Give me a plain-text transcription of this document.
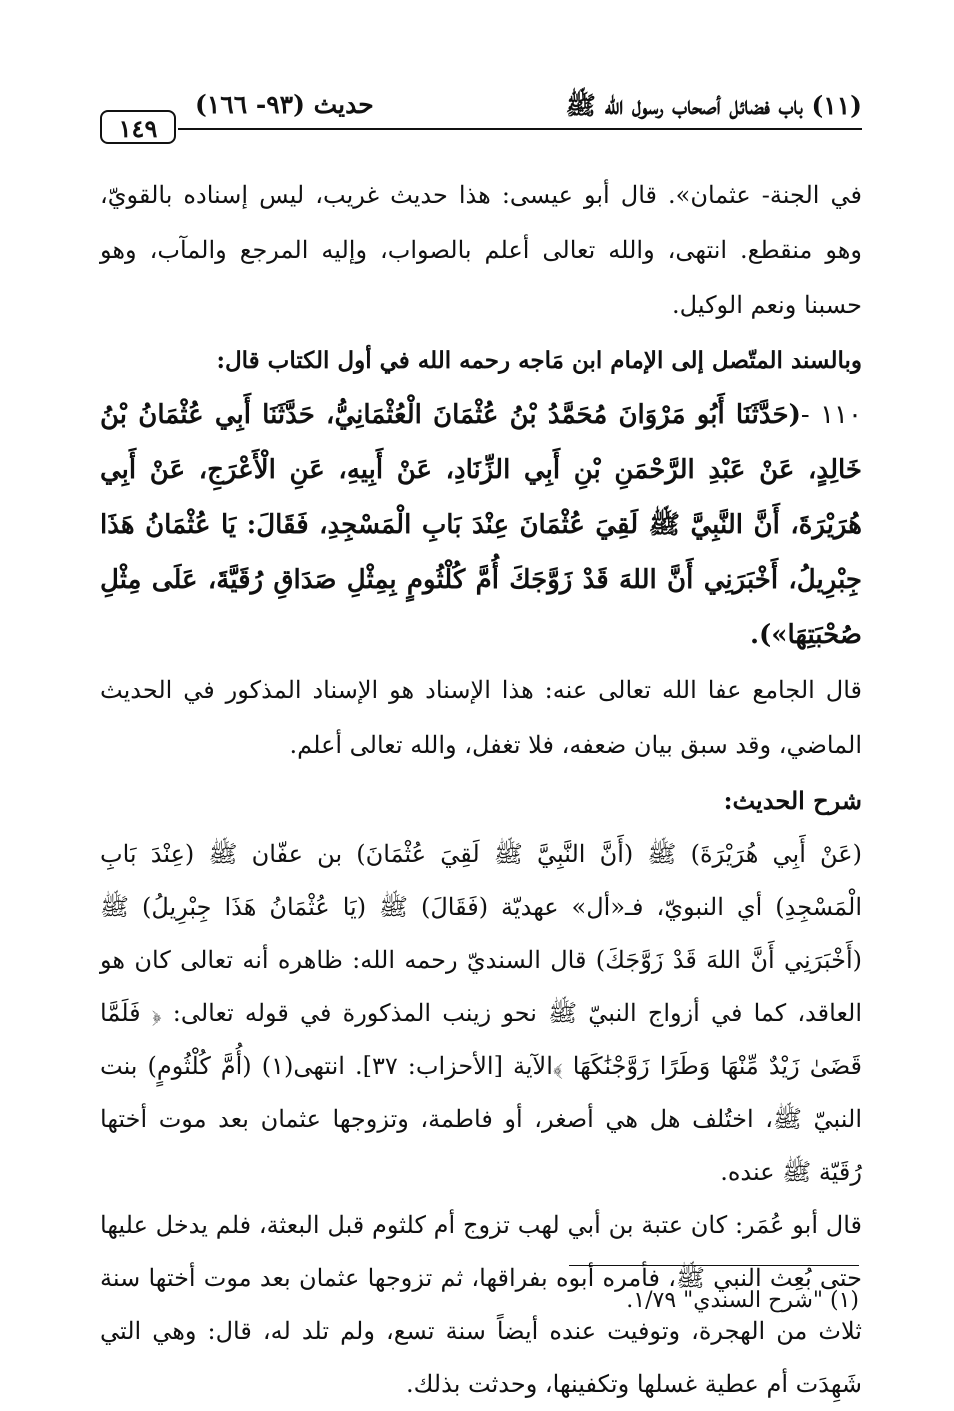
(١١) باب فضائل أصحاب رسول الله ﷺ
حديث (٩٣- ١٦٦)
١٤٩

في الجنة- عثمان». قال أبو عيسى: هذا حديث غريب، ليس إسناده بالقويّ، وهو منقطع. انتهى، والله تعالى أعلم بالصواب، وإليه المرجع والمآب، وهو حسبنا ونعم الوكيل.

وبالسند المتّصل إلى الإمام ابن مَاجه رحمه الله في أول الكتاب قال:

١١٠ -(حَدَّثَنَا أَبُو مَرْوَانَ مُحَمَّدُ بْنُ عُثْمَانَ الْعُثْمَانِيُّ، حَدَّثَنَا أَبِي عُثْمَانُ بْنُ خَالِدٍ، عَنْ عَبْدِ الرَّحْمَنِ بْنِ أَبِي الزِّنَادِ، عَنْ أَبِيهِ، عَنِ الْأَعْرَجِ، عَنْ أَبِي هُرَيْرَةَ، أَنَّ النَّبِيَّ ﷺ لَقِيَ عُثْمَانَ عِنْدَ بَابِ الْمَسْجِدِ، فَقَالَ: يَا عُثْمَانُ هَذَا جِبْرِيلُ، أَخْبَرَنِي أَنَّ اللهَ قَدْ زَوَّجَكَ أُمَّ كُلْثُومٍ بِمِثْلِ صَدَاقِ رُقَيَّةَ، عَلَى مِثْلِ صُحْبَتِهَا»).

قال الجامع عفا الله تعالى عنه: هذا الإسناد هو الإسناد المذكور في الحديث الماضي، وقد سبق بيان ضعفه، فلا تغفل، والله تعالى أعلم.

شرح الحديث:

(عَنْ أَبِي هُرَيْرَةَ) ﷺ (أَنَّ النَّبِيَّ ﷺ لَقِيَ عُثْمَانَ) بن عفّان ﷺ (عِنْدَ بَابِ الْمَسْجِدِ) أي النبويّ، فـ«أل» عهديّة (فَقَالَ) ﷺ (يَا عُثْمَانُ هَذَا جِبْرِيلُ) ﷺ (أَخْبَرَنِي أَنَّ اللهَ قَدْ زَوَّجَكَ) قال السنديّ رحمه الله: ظاهره أنه تعالى كان هو العاقد، كما في أزواج النبيّ ﷺ نحو زينب المذكورة في قوله تعالى: ﴿ فَلَمَّا قَضَىٰ زَيْدٌ مِّنْهَا وَطَرًا زَوَّجْنَٰكَهَا ﴾الآية [الأحزاب: ٣٧]. انتهى(١) (أُمَّ كُلْثُومٍ) بنت النبيّ ﷺ، اختُلف هل هي أصغر، أو فاطمة، وتزوجها عثمان بعد موت أختها رُقَيّة ﷺ عنده.

قال أبو عُمَر: كان عتبة بن أبي لهب تزوج أم كلثوم قبل البعثة، فلم يدخل عليها حتى بُعِث النبي ﷺ، فأمره أبوه بفراقها، ثم تزوجها عثمان بعد موت أختها سنة ثلاث من الهجرة، وتوفيت عنده أيضاً سنة تسع، ولم تلد له، قال: وهي التي شَهِدَت أم عطية غسلها وتكفينها، وحدثت بذلك.

(١) "شرح السندي" ١/٧٩.
